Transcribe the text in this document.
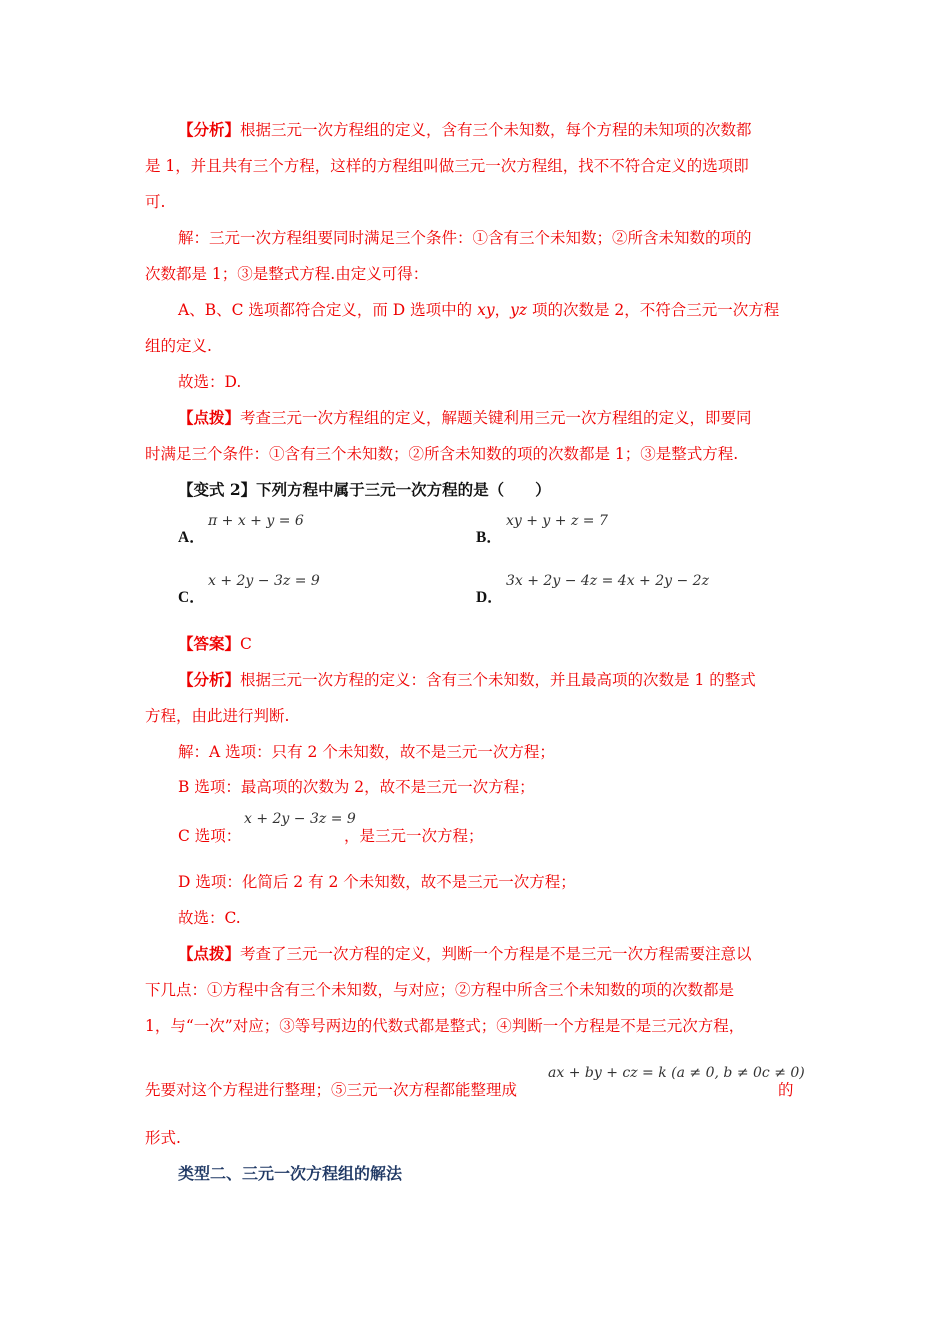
【分析】根据三元一次方程组的定义，含有三个未知数，每个方程的未知项的次数都
是 1，并且共有三个方程，这样的方程组叫做三元一次方程组，找不不符合定义的选项即
可.
解：三元一次方程组要同时满足三个条件：①含有三个未知数；②所含未知数的项的
次数都是 1；③是整式方程.由定义可得：
A、B、C 选项都符合定义，而 D 选项中的 xy，yz 项的次数是 2，不符合三元一次方程
组的定义.
故选：D.
【点拨】考查三元一次方程组的定义，解题关键利用三元一次方程组的定义，即要同
时满足三个条件：①含有三个未知数；②所含未知数的项的次数都是 1；③是整式方程.
【变式 2】下列方程中属于三元一次方程的是（　　）
π + x + y = 6
A．
xy + y + z = 7
B．
x + 2y − 3z = 9
C．
3x + 2y − 4z = 4x + 2y − 2z
D．
【答案】C
【分析】根据三元一次方程的定义：含有三个未知数，并且最高项的次数是 1 的整式
方程，由此进行判断.
解：A 选项：只有 2 个未知数，故不是三元一次方程；
B 选项：最高项的次数为 2，故不是三元一次方程；
x + 2y − 3z = 9
C 选项：	，是三元一次方程；
D 选项：化简后 2 有 2 个未知数，故不是三元一次方程；
故选：C.
【点拨】考查了三元一次方程的定义，判断一个方程是不是三元一次方程需要注意以
下几点：①方程中含有三个未知数，与对应；②方程中所含三个未知数的项的次数都是
1，与“一次”对应；③等号两边的代数式都是整式；④判断一个方程是不是三元次方程，
ax + by + cz = k (a ≠ 0, b ≠ 0c ≠ 0)
先要对这个方程进行整理；⑤三元一次方程都能整理成	的
形式.
类型二、三元一次方程组的解法
